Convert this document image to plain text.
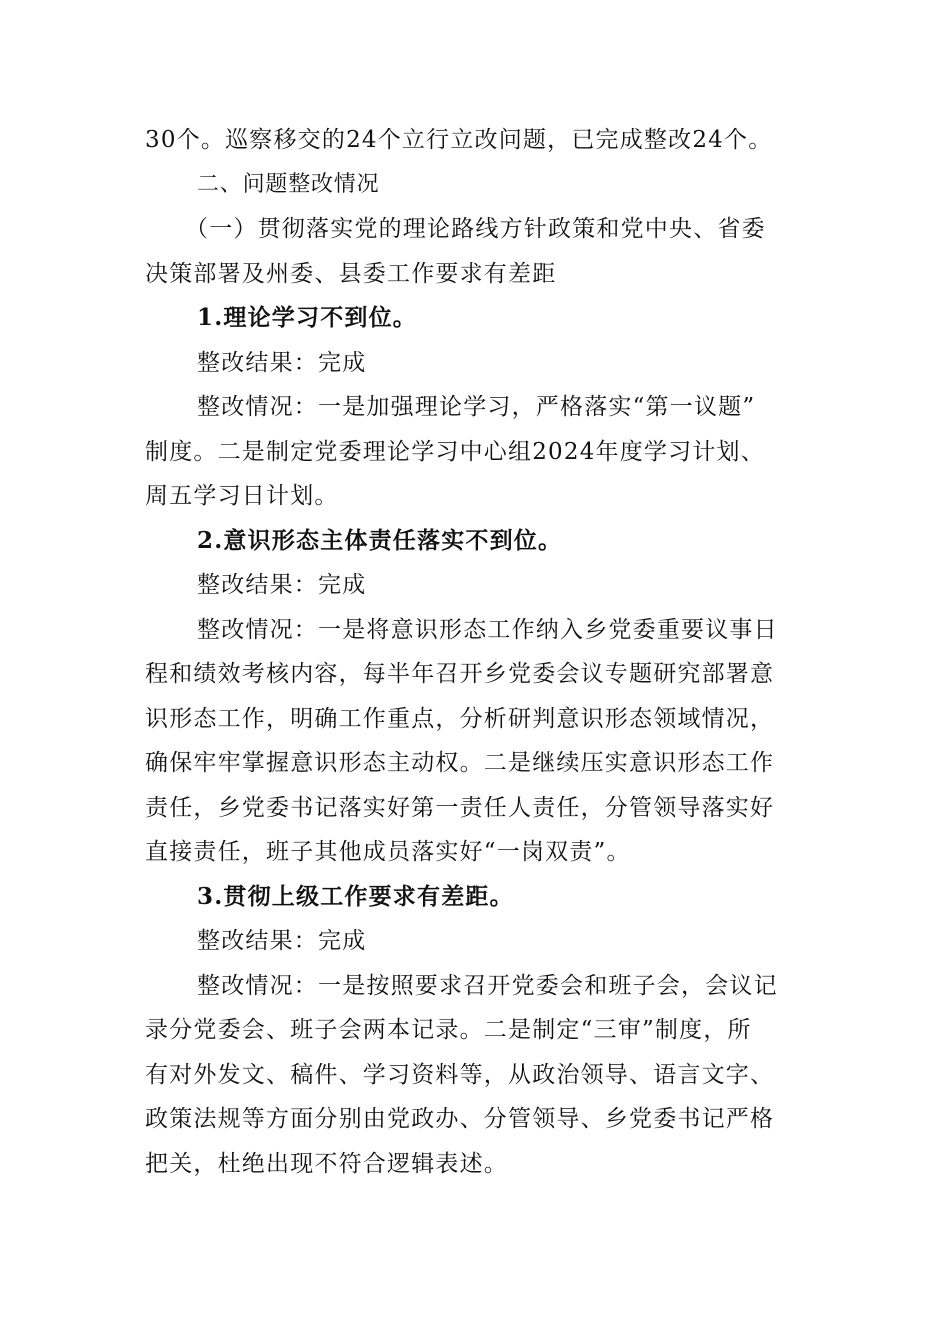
30个。巡察移交的24个立行立改问题，已完成整改24个。
二、问题整改情况
（一）贯彻落实党的理论路线方针政策和党中央、省委
决策部署及州委、县委工作要求有差距
1.理论学习不到位。
整改结果：完成
整改情况：一是加强理论学习，严格落实“第一议题”
制度。二是制定党委理论学习中心组2024年度学习计划、
周五学习日计划。
2.意识形态主体责任落实不到位。
整改结果：完成
整改情况：一是将意识形态工作纳入乡党委重要议事日
程和绩效考核内容，每半年召开乡党委会议专题研究部署意
识形态工作，明确工作重点，分析研判意识形态领域情况，
确保牢牢掌握意识形态主动权。二是继续压实意识形态工作
责任，乡党委书记落实好第一责任人责任，分管领导落实好
直接责任，班子其他成员落实好“一岗双责”。
3.贯彻上级工作要求有差距。
整改结果：完成
整改情况：一是按照要求召开党委会和班子会，会议记
录分党委会、班子会两本记录。二是制定“三审”制度，所
有对外发文、稿件、学习资料等，从政治领导、语言文字、
政策法规等方面分别由党政办、分管领导、乡党委书记严格
把关，杜绝出现不符合逻辑表述。
